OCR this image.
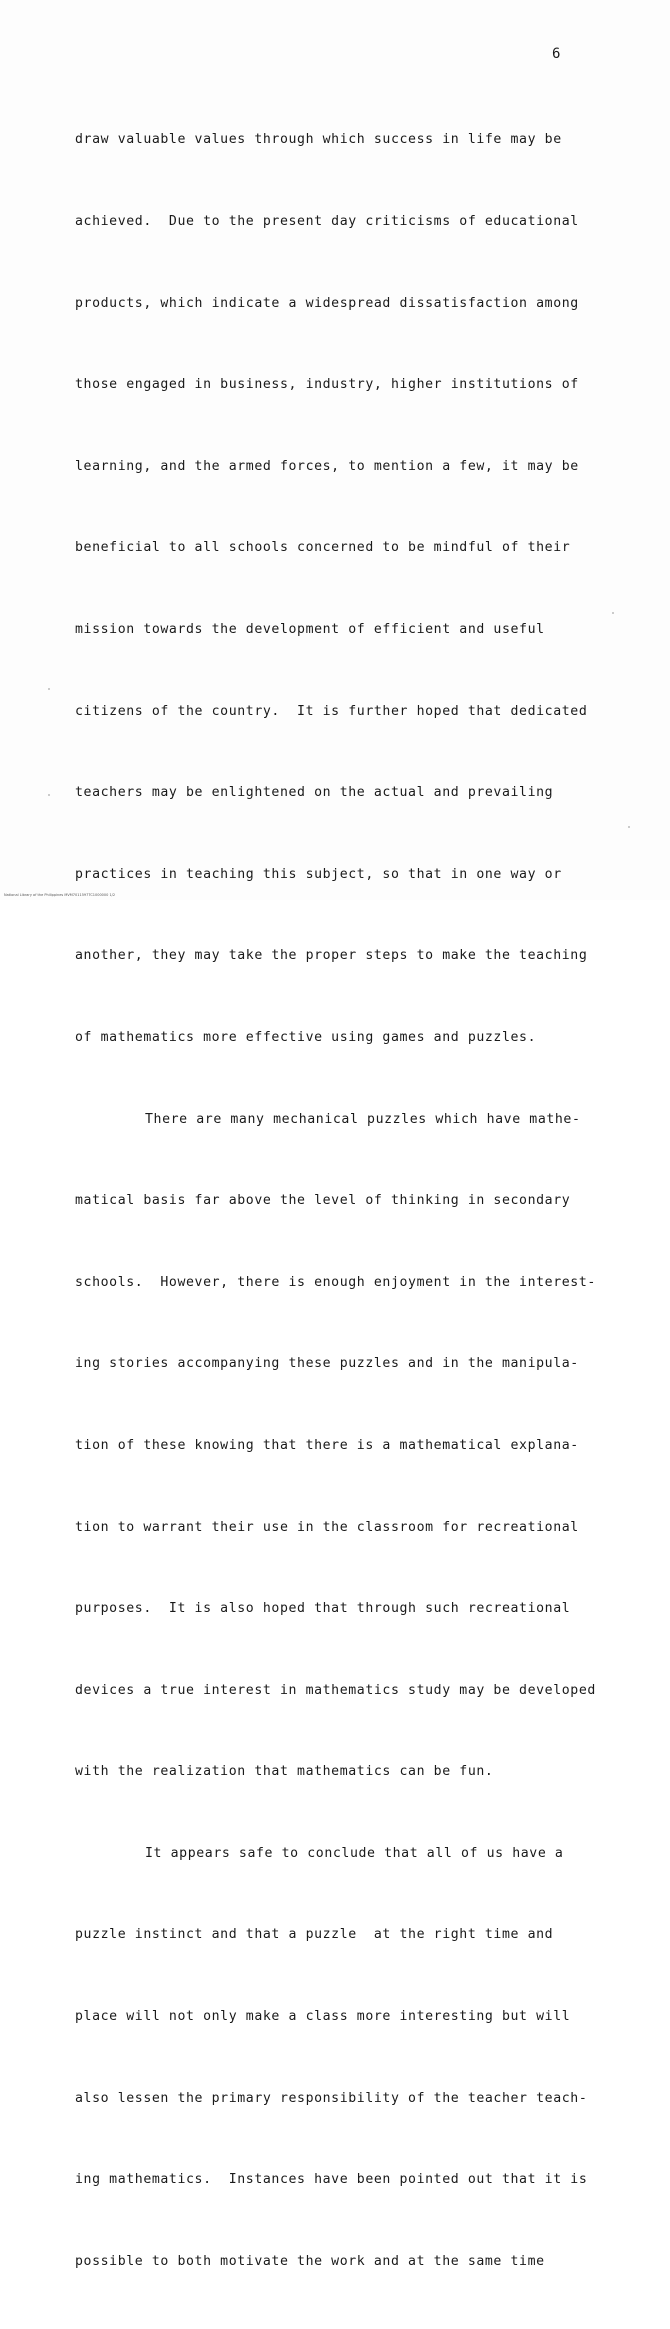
6

draw valuable values through which success in life may be

achieved.  Due to the present day criticisms of educational

products, which indicate a widespread dissatisfaction among

those engaged in business, industry, higher institutions of

learning, and the armed forces, to mention a few, it may be

beneficial to all schools concerned to be mindful of their

mission towards the development of efficient and useful

citizens of the country.  It is further hoped that dedicated

teachers may be enlightened on the actual and prevailing

practices in teaching this subject, so that in one way or

another, they may take the proper steps to make the teaching

of mathematics more effective using games and puzzles.

There are many mechanical puzzles which have mathe-

matical basis far above the level of thinking in secondary

schools.  However, there is enough enjoyment in the interest-

ing stories accompanying these puzzles and in the manipula-

tion of these knowing that there is a mathematical explana-

tion to warrant their use in the classroom for recreational

purposes.  It is also hoped that through such recreational

devices a true interest in mathematics study may be developed

with the realization that mathematics can be fun.

It appears safe to conclude that all of us have a

puzzle instinct and that a puzzle  at the right time and

place will not only make a class more interesting but will

also lessen the primary responsibility of the teacher teach-

ing mathematics.  Instances have been pointed out that it is

possible to both motivate the work and at the same time

National Library of the Philippines MVM7011597TC1000000 1/2
